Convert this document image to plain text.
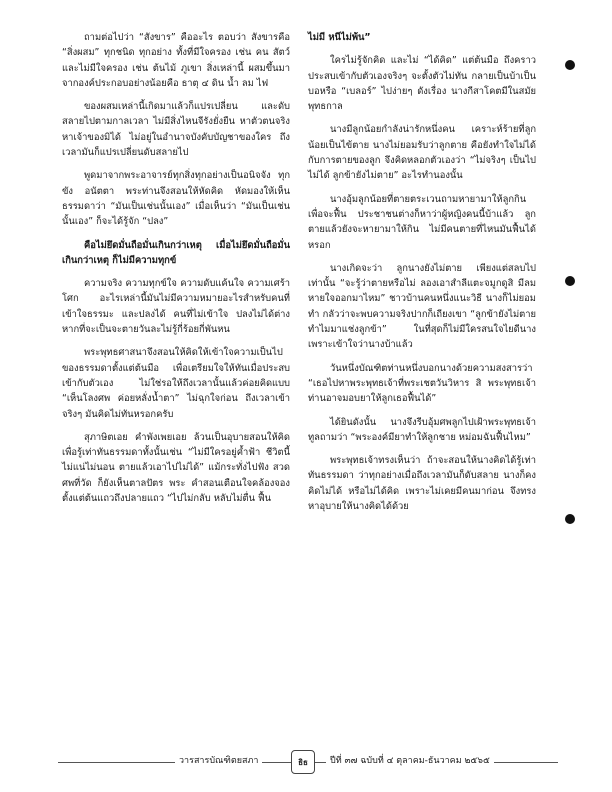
ถามต่อไปว่า “สังขาร” คืออะไร ตอบว่า สังขารคือ “สิ่งผสม” ทุกชนิด ทุกอย่าง ทั้งที่มีใจครอง เช่น คน สัตว์ และไม่มีใจครอง เช่น ต้นไม้ ภูเขา สิ่งเหล่านี้ ผสมขึ้นมาจากองค์ประกอบอย่างน้อยคือ ธาตุ ๔ ดิน น้ำ ลม ไฟ

ของผสมเหล่านี้เกิดมาแล้วก็แปรเปลี่ยน และดับสลายไปตามกาลเวลา ไม่มีสิ่งไหนจีรังยั่งยืน หาตัวตนจริง หาเจ้าของมิได้ ไม่อยู่ในอำนาจบังคับบัญชาของใคร ถึงเวลามันก็แปรเปลี่ยนดับสลายไป

พูดมาจากพระอาจารย์ทุกสิ่งทุกอย่างเป็นอนิจจัง ทุกขัง อนัตตา พระท่านจึงสอนให้หัดคิด หัดมองให้เห็นธรรมดาว่า “มันเป็นเช่นนั้นเอง” เมื่อเห็นว่า “มันเป็นเช่นนั้นเอง” ก็จะได้รู้จัก “ปลง”

คือไม่ยึดมั่นถือมั่นเกินกว่าเหตุ เมื่อไม่ยึดมั่นถือมั่นเกินกว่าเหตุ ก็ไม่มีความทุกข์

ความจริง ความทุกข์ใจ ความดับแค้นใจ ความเศร้าโศก อะไรเหล่านี้มันไม่มีความหมายอะไรสำหรับคนที่เข้าใจธรรมะ และปลงได้ คนที่ไม่เข้าใจ ปลงไม่ได้ต่างหากที่จะเป็นจะตายวันละไม่รู้กี่ร้อยกี่พันหน

พระพุทธศาสนาจึงสอนให้คิดให้เข้าใจความเป็นไปของธรรมดาตั้งแต่ต้นมือ เพื่อเตรียมใจให้ทันเมื่อประสบเข้ากับตัวเอง ไม่ใช่รอให้ถึงเวลานั้นแล้วค่อยคิดแบบ “เห็นโลงศพ ค่อยหลั่งน้ำตา” ไม่ฉุกใจก่อน ถึงเวลาเข้าจริงๆ มันคิดไม่ทันหรอกครับ

สุภาษิตเอย คำพังเพยเอย ล้วนเป็นอุบายสอนให้คิดเพื่อรู้เท่าทันธรรมดาทั้งนั้นเช่น “ไม่มีใครอยู่ค้ำฟ้า ชีวิตนี้ ไม่แน่ไม่นอน ตายแล้วเอาไปไม่ได้” แม้กระทั่งไปฟัง สวดศพที่วัด ก็ยังเห็นตาลปัตร พระ คำสอนเตือนใจคล้องจองตั้งแต่ต้นแถวถึงปลายแถว “ไปไม่กลับ หลับไม่ตื่น ฟื้น

ไม่มี หนีไม่พ้น”

ใครไม่รู้จักคิด และไม่ “ได้คิด” แต่ต้นมือ ถึงคราวประสบเข้ากับตัวเองจริงๆ จะตั้งตัวไม่ทัน กลายเป็นบ้าเป็นบอหรือ “เบลอร์” ไปง่ายๆ ดังเรื่อง นางกีสาโคตมีในสมัยพุทธกาล

นางมีลูกน้อยกำลังน่ารักหนึ่งคน เคราะห์ร้ายที่ลูกน้อยเป็นไข้ตาย นางไม่ยอมรับว่าลูกตาย คือยังทำใจไม่ได้กับการตายของลูก จึงคิดหลอกตัวเองว่า “ไม่จริงๆ เป็นไปไม่ได้ ลูกข้ายังไม่ตาย” อะไรทำนองนั้น

นางอุ้มลูกน้อยที่ตายตระเวนถามหายามาให้ลูกกิน เพื่อจะฟื้น ประชาชนต่างก็หาว่าผู้หญิงคนนี้บ้าแล้ว ลูกตายแล้วยังจะหายามาให้กิน ไม่มีคนตายที่ไหนมันฟื้นได้หรอก

นางเกิดจะว่า ลูกนางยังไม่ตาย เพียงแต่สลบไปเท่านั้น “จะรู้ว่าตายหรือไม่ ลองเอาสำลีแตะจมูกดูสิ มีลมหายใจออกมาไหม” ชาวบ้านคนหนึ่งแนะวิธี นางก็ไม่ยอมทำ กลัวว่าจะพบความจริงปากก็เถียงเขา “ลูกข้ายังไม่ตาย ทำไมมาแช่งลูกข้า” ในที่สุดก็ไม่มีใครสนใจไยดีนาง เพราะเข้าใจว่านางบ้าแล้ว

วันหนึ่งบัณฑิตท่านหนึ่งบอกนางด้วยความสงสารว่า “เธอไปหาพระพุทธเจ้าที่พระเชตวันวิหาร สิ พระพุทธเจ้าท่านอาจมอบยาให้ลูกเธอฟื้นได้”

ได้ยินดังนั้น นางจึงรีบอุ้มศพลูกไปเฝ้าพระพุทธเจ้า ทูลถามว่า “พระองค์มียาทำให้ลูกชาย หม่อมฉันฟื้นไหม”

พระพุทธเจ้าทรงเห็นว่า ถ้าจะสอนให้นางคิดได้รู้เท่าทันธรรมดา ว่าทุกอย่างเมื่อถึงเวลามันก็ดับสลาย นางก็คงคิดไม่ได้ หรือไม่ได้คิด เพราะไม่เคยมีคนมาก่อน จึงทรงหาอุบายให้นางคิดได้ด้วย

วารสารบัณฑิตยสภา	ธิธ	ปีที่ ๓๗ ฉบับที่ ๔ ตุลาคม-ธันวาคม ๒๕๖๕
